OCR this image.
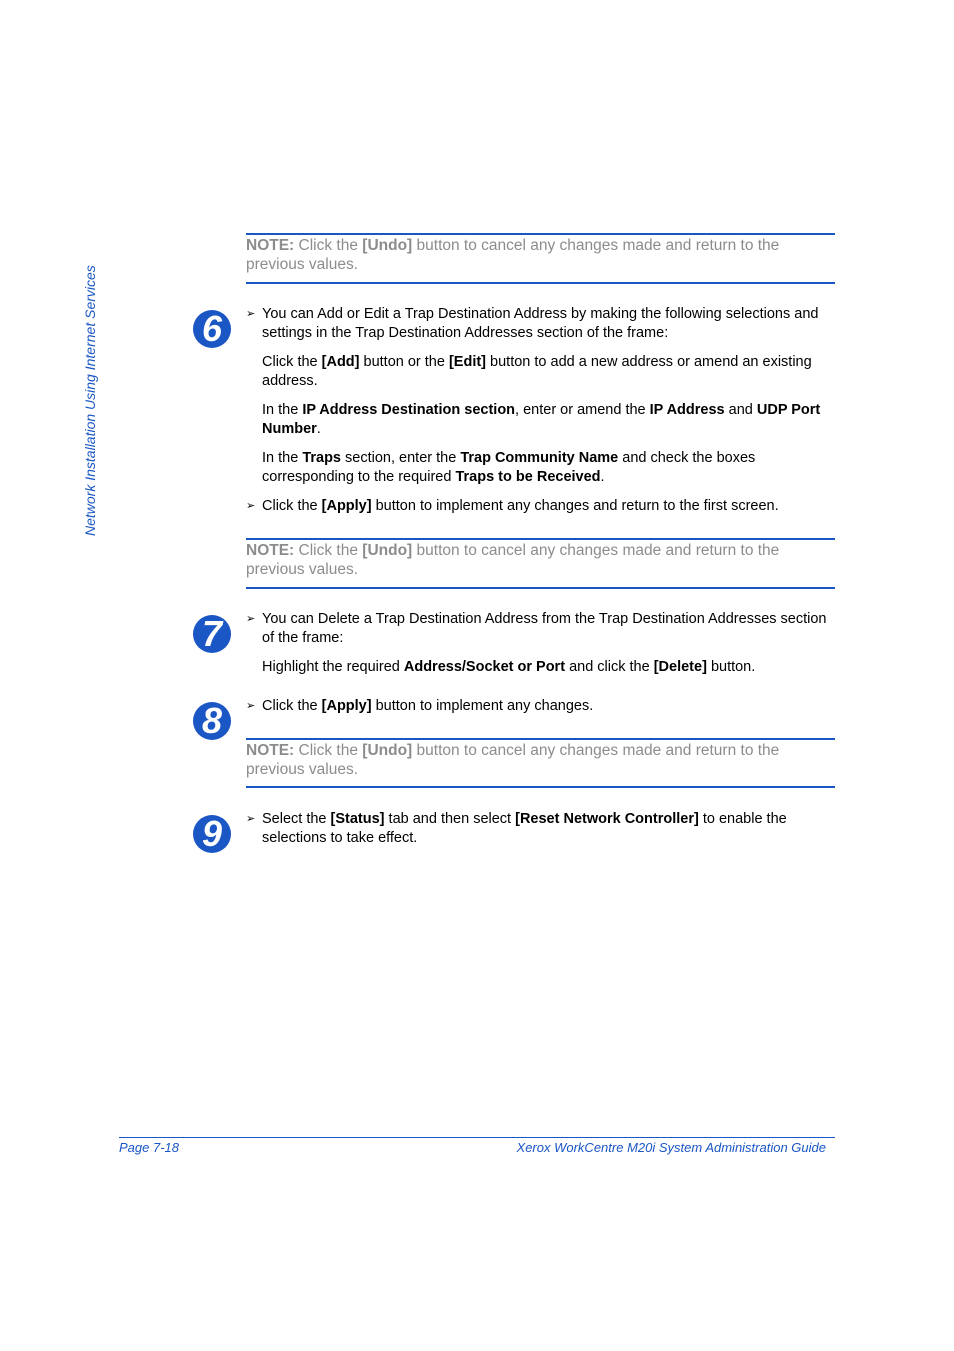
Network Installation Using Internet Services
NOTE: Click the [Undo] button to cancel any changes made and return to the
previous values.
6	➢ You can Add or Edit a Trap Destination Address by making the following selections and
settings in the Trap Destination Addresses section of the frame:
Click the [Add] button or the [Edit] button to add a new address or amend an existing
address.
In the IP Address Destination section, enter or amend the IP Address and UDP Port
Number.
In the Traps section, enter the Trap Community Name and check the boxes
corresponding to the required Traps to be Received.
➢ Click the [Apply] button to implement any changes and return to the first screen.
NOTE: Click the [Undo] button to cancel any changes made and return to the
previous values.
7	➢ You can Delete a Trap Destination Address from the Trap Destination Addresses section
of the frame:
Highlight the required Address/Socket or Port and click the [Delete] button.
8	➢ Click the [Apply] button to implement any changes.
NOTE: Click the [Undo] button to cancel any changes made and return to the
previous values.
9	➢ Select the [Status] tab and then select [Reset Network Controller] to enable the
selections to take effect.
Page 7-18	Xerox WorkCentre M20i System Administration Guide
